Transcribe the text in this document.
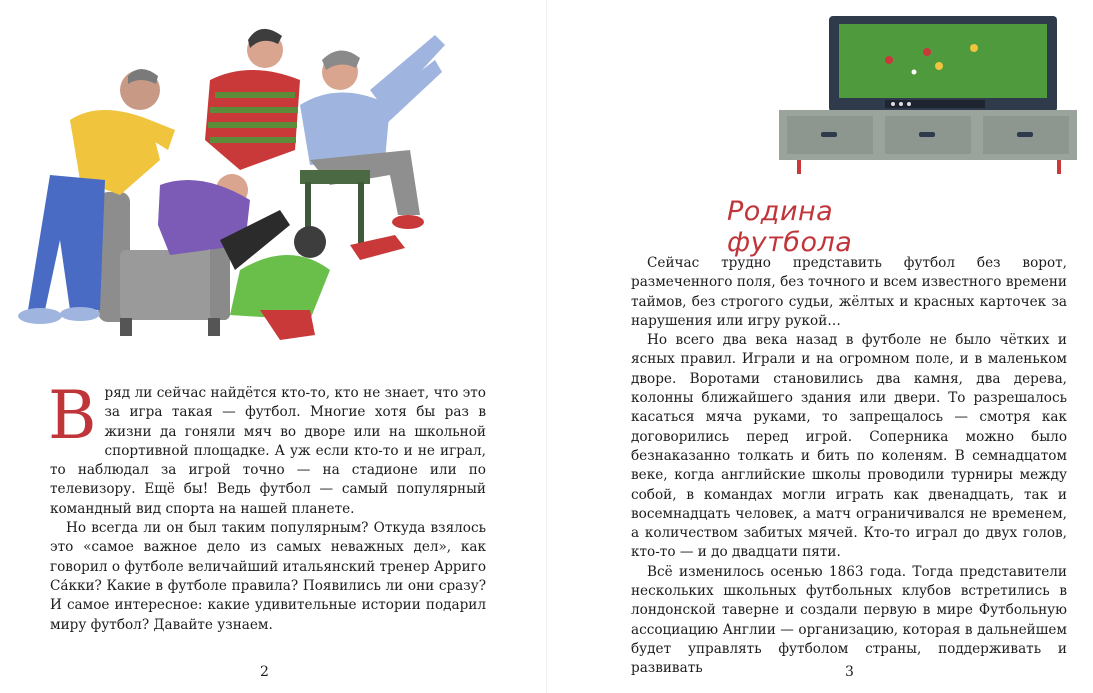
Вряд ли сейчас найдётся кто-то, кто не знает, что это за игра такая — футбол. Многие хотя бы раз в жизни да гоняли мяч во дворе или на школьной спортивной площадке. А уж если кто-то и не играл, то наблюдал за игрой точно — на стадионе или по телевизору. Ещё бы! Ведь футбол — самый популярный командный вид спорта на нашей планете.

Но всегда ли он был таким популярным? Откуда взялось это «самое важное дело из самых неважных дел», как говорил о футболе величайший итальянский тренер Арриго Са́кки? Какие в футболе правила? Появились ли они сразу? И самое интересное: какие удивительные истории подарил миру футбол? Давайте узнаем.

2
Родина футбола

Сейчас трудно представить футбол без ворот, размеченного поля, без точного и всем известного времени таймов, без строгого судьи, жёлтых и красных карточек за нарушения или игру рукой…

Но всего два века назад в футболе не было чётких и ясных правил. Играли и на огромном поле, и в маленьком дворе. Воротами становились два камня, два дерева, колонны ближайшего здания или двери. То разрешалось касаться мяча руками, то запрещалось — смотря как договорились перед игрой. Соперника можно было безнаказанно толкать и бить по коленям. В семнадцатом веке, когда английские школы проводили турниры между собой, в командах могли играть как двенадцать, так и восемнадцать человек, а матч ограничивался не временем, а количеством забитых мячей. Кто-то играл до двух голов, кто-то — и до двадцати пяти.

Всё изменилось осенью 1863 года. Тогда представители нескольких школьных футбольных клубов встретились в лондонской таверне и создали первую в мире Футбольную ассоциацию Англии — организацию, которая в дальнейшем будет управлять футболом страны, поддерживать и развивать	3
